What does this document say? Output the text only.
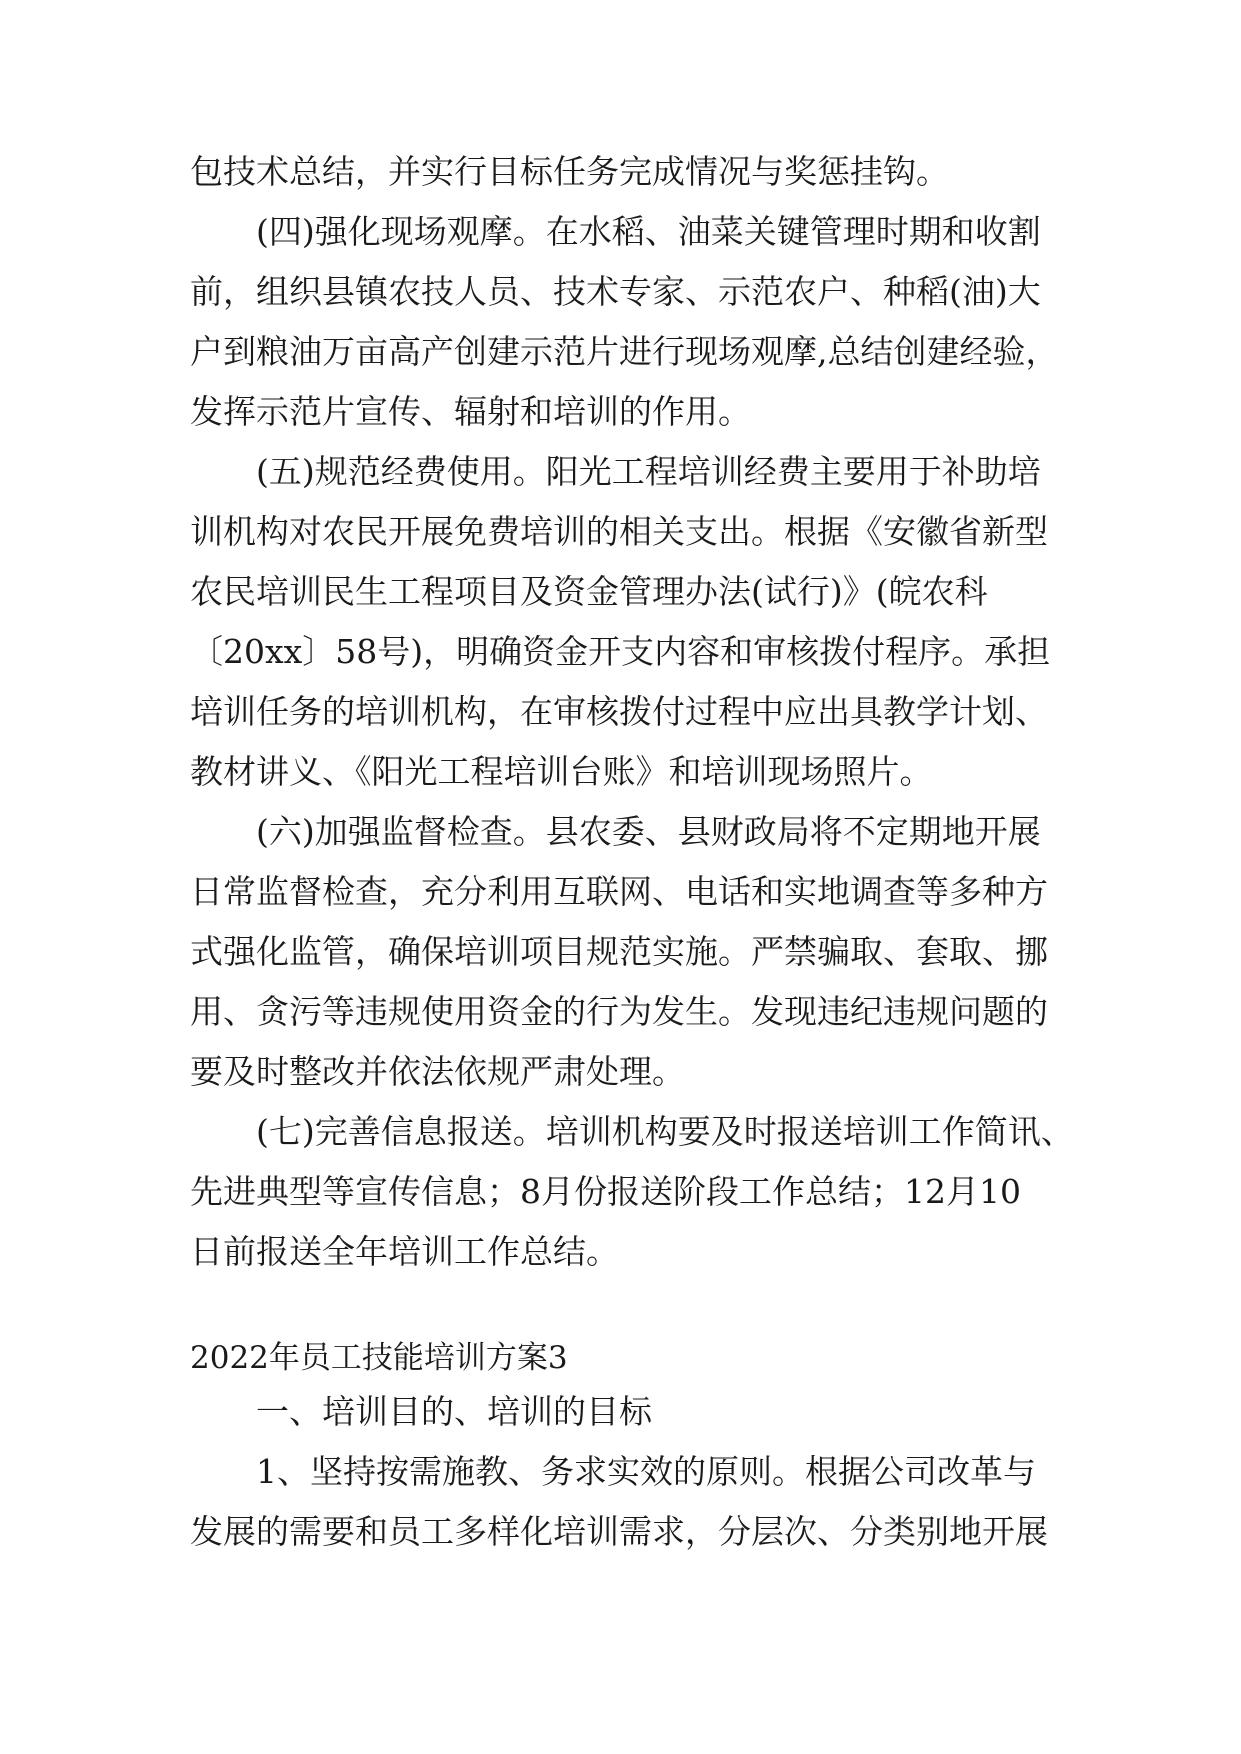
包技术总结，并实行目标任务完成情况与奖惩挂钩。
(四)强化现场观摩。在水稻、油菜关键管理时期和收割
前，组织县镇农技人员、技术专家、示范农户、种稻(油)大
户到粮油万亩高产创建示范片进行现场观摩,总结创建经验，
发挥示范片宣传、辐射和培训的作用。
(五)规范经费使用。阳光工程培训经费主要用于补助培
训机构对农民开展免费培训的相关支出。根据《安徽省新型
农民培训民生工程项目及资金管理办法(试行)》(皖农科
〔20xx〕58号)，明确资金开支内容和审核拨付程序。承担
培训任务的培训机构，在审核拨付过程中应出具教学计划、
教材讲义、《阳光工程培训台账》和培训现场照片。
(六)加强监督检查。县农委、县财政局将不定期地开展
日常监督检查，充分利用互联网、电话和实地调查等多种方
式强化监管，确保培训项目规范实施。严禁骗取、套取、挪
用、贪污等违规使用资金的行为发生。发现违纪违规问题的
要及时整改并依法依规严肃处理。
(七)完善信息报送。培训机构要及时报送培训工作简讯、
先进典型等宣传信息；8月份报送阶段工作总结；12月10
日前报送全年培训工作总结。
2022年员工技能培训方案3
一、培训目的、培训的目标
1、坚持按需施教、务求实效的原则。根据公司改革与
发展的需要和员工多样化培训需求，分层次、分类别地开展
